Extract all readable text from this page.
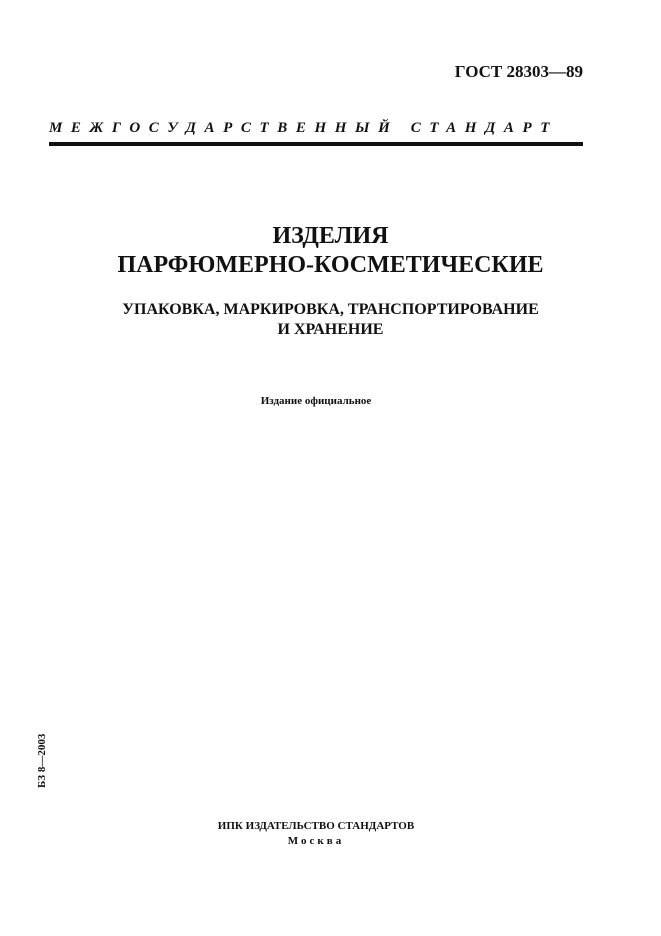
ГОСТ 28303—89
МЕЖГОСУДАРСТВЕННЫЙ СТАНДАРТ
ИЗДЕЛИЯ
ПАРФЮМЕРНО-КОСМЕТИЧЕСКИЕ
УПАКОВКА, МАРКИРОВКА, ТРАНСПОРТИРОВАНИЕ
И ХРАНЕНИЕ
Издание официальное
БЗ 8—2003
ИПК ИЗДАТЕЛЬСТВО СТАНДАРТОВ
Москва
